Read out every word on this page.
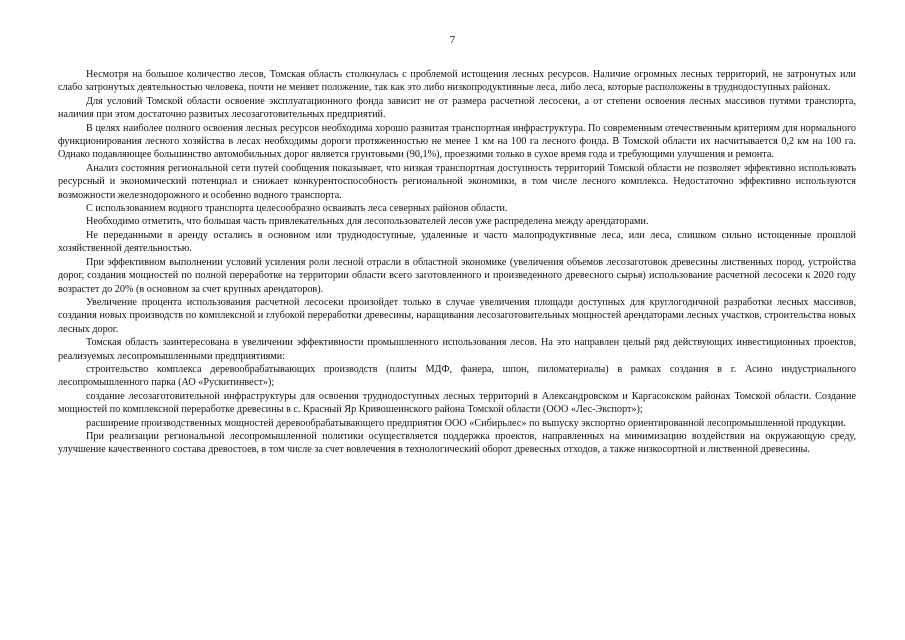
7

Несмотря на большое количество лесов, Томская область столкнулась с проблемой истощения лесных ресурсов. Наличие огромных лесных территорий, не затронутых или слабо затронутых деятельностью человека, почти не меняет положение, так как это либо низкопродуктивные леса, либо леса, которые расположены в труднодоступных районах.

Для условий Томской области освоение эксплуатационного фонда зависит не от размера расчетной лесосеки, а от степени освоения лесных массивов путями транспорта, наличия при этом достаточно развитых лесозаготовительных предприятий.

В целях наиболее полного освоения лесных ресурсов необходима хорошо развитая транспортная инфраструктура. По современным отечественным критериям для нормального функционирования лесного хозяйства в лесах необходимы дороги протяженностью не менее 1 км на 100 га лесного фонда. В Томской области их насчитывается 0,2 км на 100 га. Однако подавляющее большинство автомобильных дорог является грунтовыми (90,1%), проезжими только в сухое время года и требующими улучшения и ремонта.

Анализ состояния региональной сети путей сообщения показывает, что низкая транспортная доступность территорий Томской области не позволяет эффективно использовать ресурсный и экономический потенциал и снижает конкурентоспособность региональной экономики, в том числе лесного комплекса. Недостаточно эффективно используются возможности железнодорожного и особенно водного транспорта.

С использованием водного транспорта целесообразно осваивать леса северных районов области.

Необходимо отметить, что большая часть привлекательных для лесопользователей лесов уже распределена между арендаторами.

Не переданными в аренду остались в основном или труднодоступные, удаленные и часто малопродуктивные леса, или леса, слишком сильно истощенные прошлой хозяйственной деятельностью.

При эффективном выполнении условий усиления роли лесной отрасли в областной экономике (увеличения объемов лесозаготовок древесины лиственных пород, устройства дорог, создания мощностей по полной переработке на территории области всего заготовленного и произведенного древесного сырья) использование расчетной лесосеки к 2020 году возрастет до 20% (в основном за счет крупных арендаторов).

Увеличение процента использования расчетной лесосеки произойдет только в случае увеличения площади доступных для круглогодичной разработки лесных массивов, создания новых производств по комплексной и глубокой переработки древесины, наращивания лесозаготовительных мощностей арендаторами лесных участков, строительства новых лесных дорог.

Томская область заинтересована в увеличении эффективности промышленного использования лесов. На это направлен целый ряд действующих инвестиционных проектов, реализуемых лесопромышленными предприятиями:

строительство комплекса деревообрабатывающих производств (плиты МДФ, фанера, шпон, пиломатериалы) в рамках создания в г. Асино индустриального лесопромышленного парка (АО «Рускитинвест»);

создание лесозаготовительной инфраструктуры для освоения труднодоступных лесных территорий в Александровском и Каргасокском районах Томской области. Создание мощностей по комплексной переработке древесины в с. Красный Яр Кривошеинского района Томской области (ООО «Лес-Экспорт»);

расширение производственных мощностей деревообрабатывающего предприятия ООО «Сибирьлес» по выпуску экспортно ориентированной лесопромышленной продукции.

При реализации региональной лесопромышленной политики осуществляется поддержка проектов, направленных на минимизацию воздействия на окружающую среду, улучшение качественного состава древостоев, в том числе за счет вовлечения в технологический оборот древесных отходов, а также низкосортной и лиственной древесины.
